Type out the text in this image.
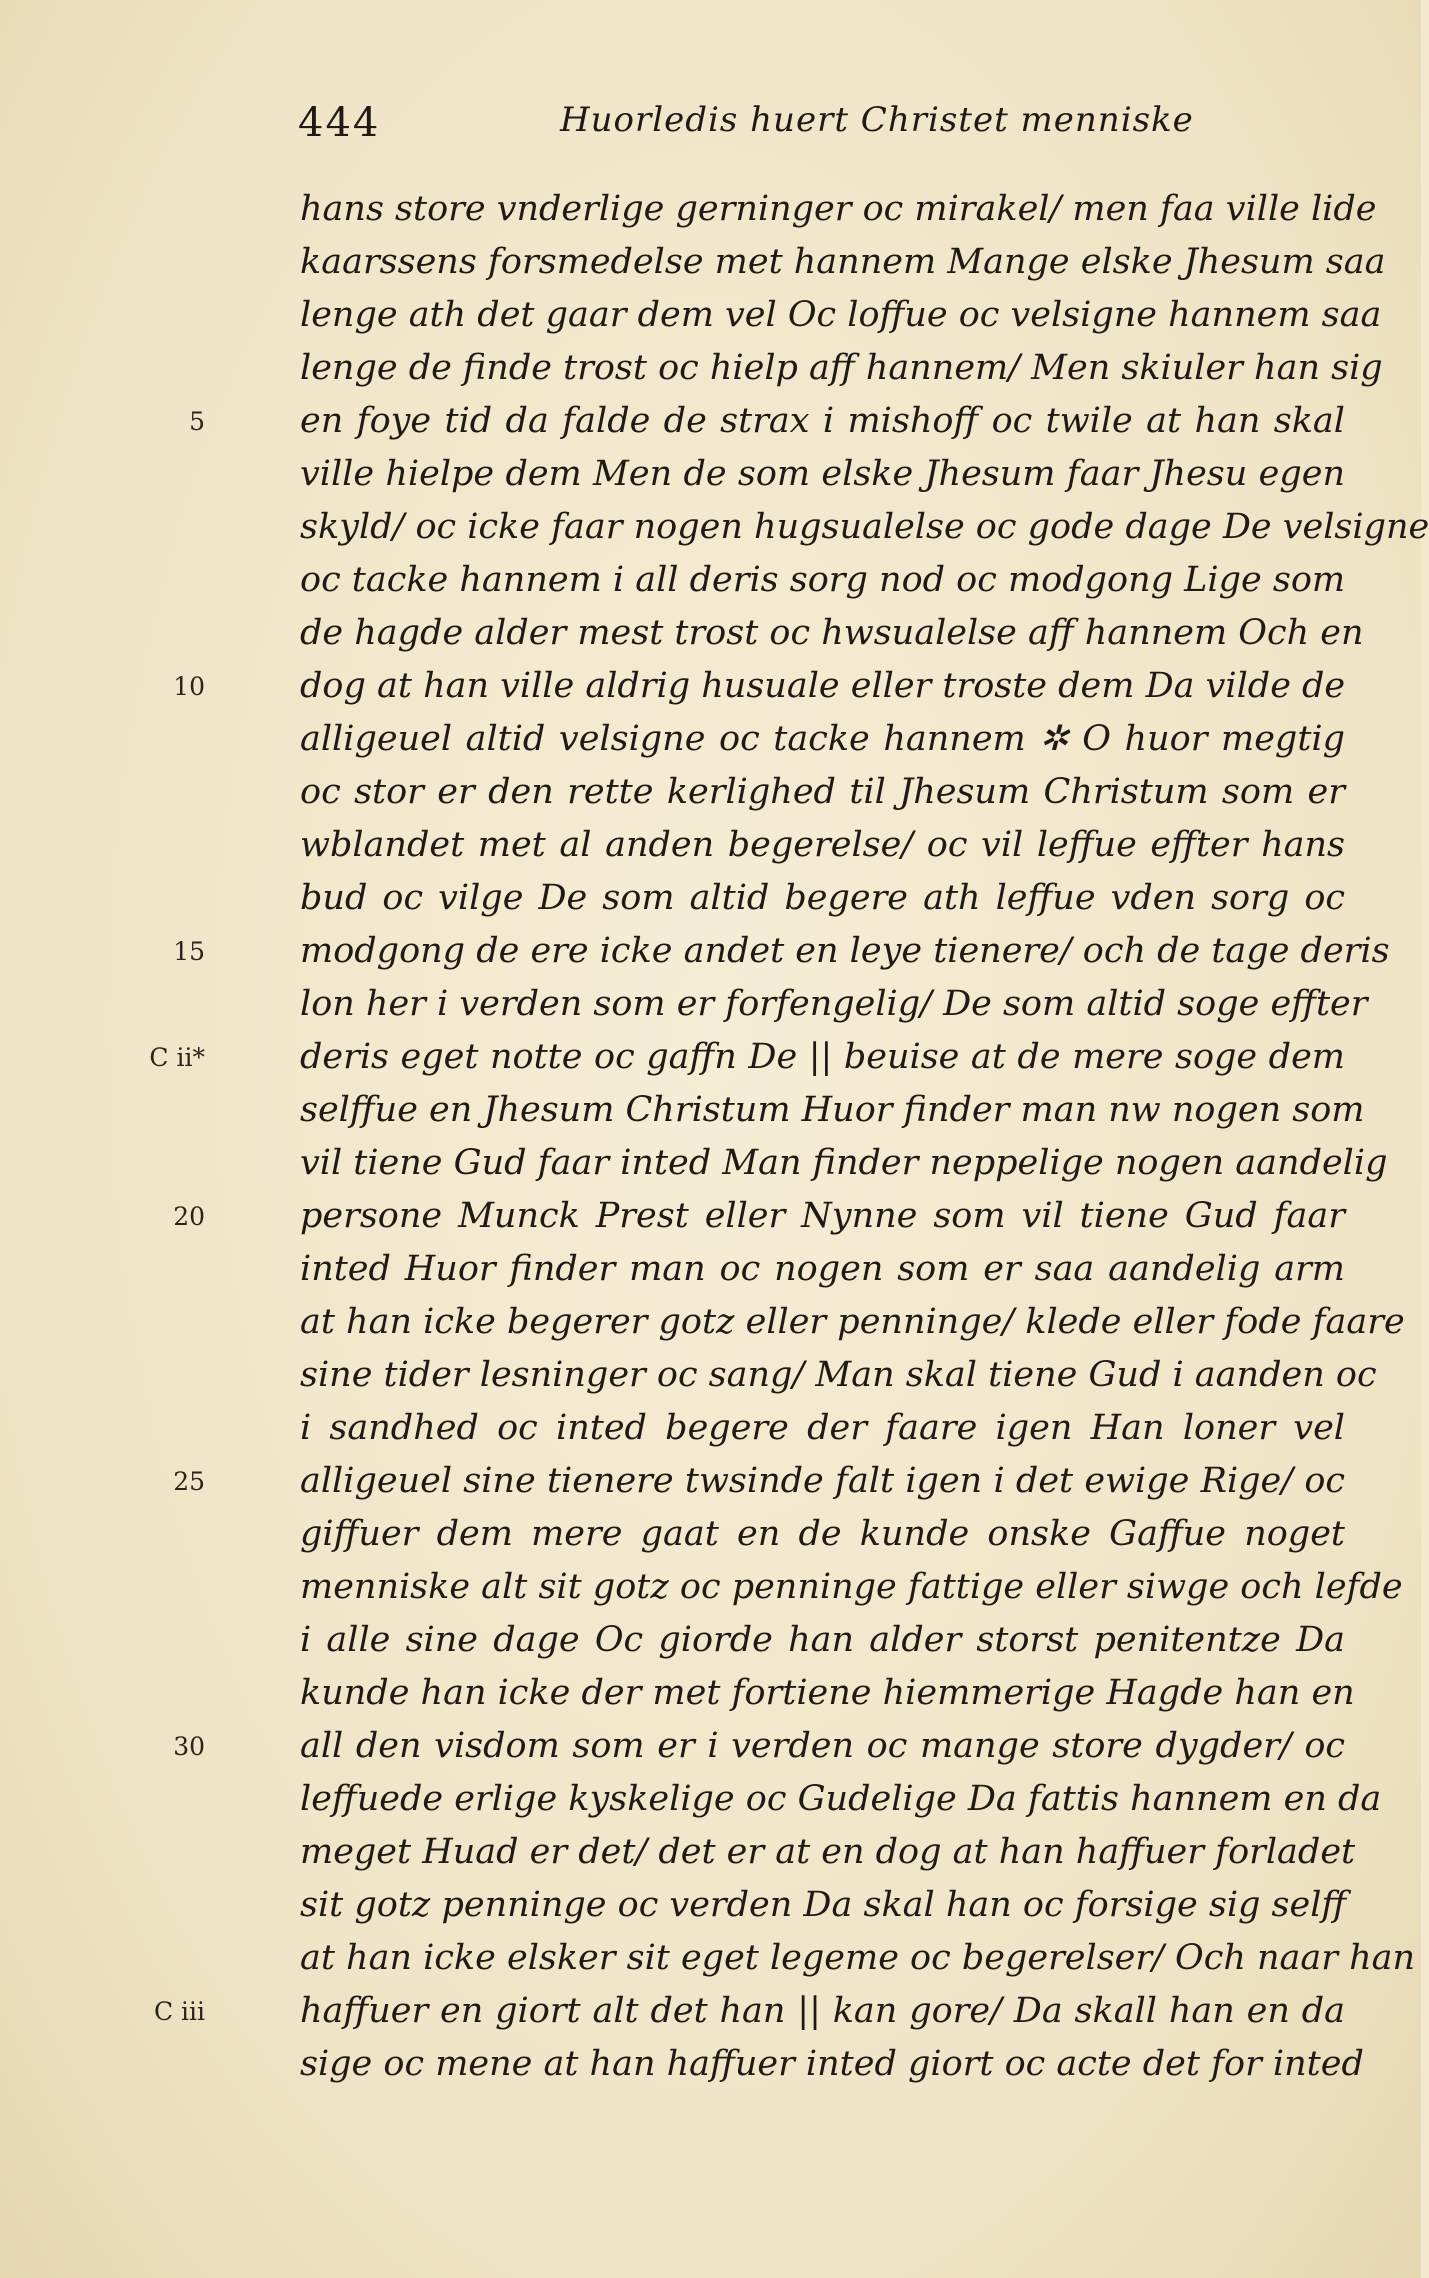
444	Huorledis huert Christet menniske
hans store vnderlige gerninger oc mirakel/ men faa ville lide
kaarssens forsmedelse met hannem Mange elske Jhesum saa
lenge ath det gaar dem vel Oc loffue oc velsigne hannem saa
lenge de finde trost oc hielp aff hannem/ Men skiuler han sig
5	en foye tid da falde de strax i mishoff oc twile at han skal
ville hielpe dem Men de som elske Jhesum faar Jhesu egen
skyld/ oc icke faar nogen hugsualelse oc gode dage De velsigne
oc tacke hannem i all deris sorg nod oc modgong Lige som
de hagde alder mest trost oc hwsualelse aff hannem Och en
10	dog at han ville aldrig husuale eller troste dem Da vilde de
alligeuel altid velsigne oc tacke hannem ✲ O huor megtig
oc stor er den rette kerlighed til Jhesum Christum som er
wblandet met al anden begerelse/ oc vil leffue effter hans
bud oc vilge De som altid begere ath leffue vden sorg oc
15	modgong de ere icke andet en leye tienere/ och de tage deris
lon her i verden som er forfengelig/ De som altid soge effter
C ii*	deris eget notte oc gaffn De || beuise at de mere soge dem
selffue en Jhesum Christum Huor finder man nw nogen som
vil tiene Gud faar inted Man finder neppelige nogen aandelig
20	persone Munck Prest eller Nynne som vil tiene Gud faar
inted Huor finder man oc nogen som er saa aandelig arm
at han icke begerer gotz eller penninge/ klede eller fode faare
sine tider lesninger oc sang/ Man skal tiene Gud i aanden oc
i sandhed oc inted begere der faare igen Han loner vel
25	alligeuel sine tienere twsinde falt igen i det ewige Rige/ oc
giffuer dem mere gaat en de kunde onske Gaffue noget
menniske alt sit gotz oc penninge fattige eller siwge och lefde
i alle sine dage Oc giorde han alder storst penitentze Da
kunde han icke der met fortiene hiemmerige Hagde han en
30	all den visdom som er i verden oc mange store dygder/ oc
leffuede erlige kyskelige oc Gudelige Da fattis hannem en da
meget Huad er det/ det er at en dog at han haffuer forladet
sit gotz penninge oc verden Da skal han oc forsige sig selff
at han icke elsker sit eget legeme oc begerelser/ Och naar han
C iii	haffuer en giort alt det han || kan gore/ Da skall han en da
sige oc mene at han haffuer inted giort oc acte det for inted
